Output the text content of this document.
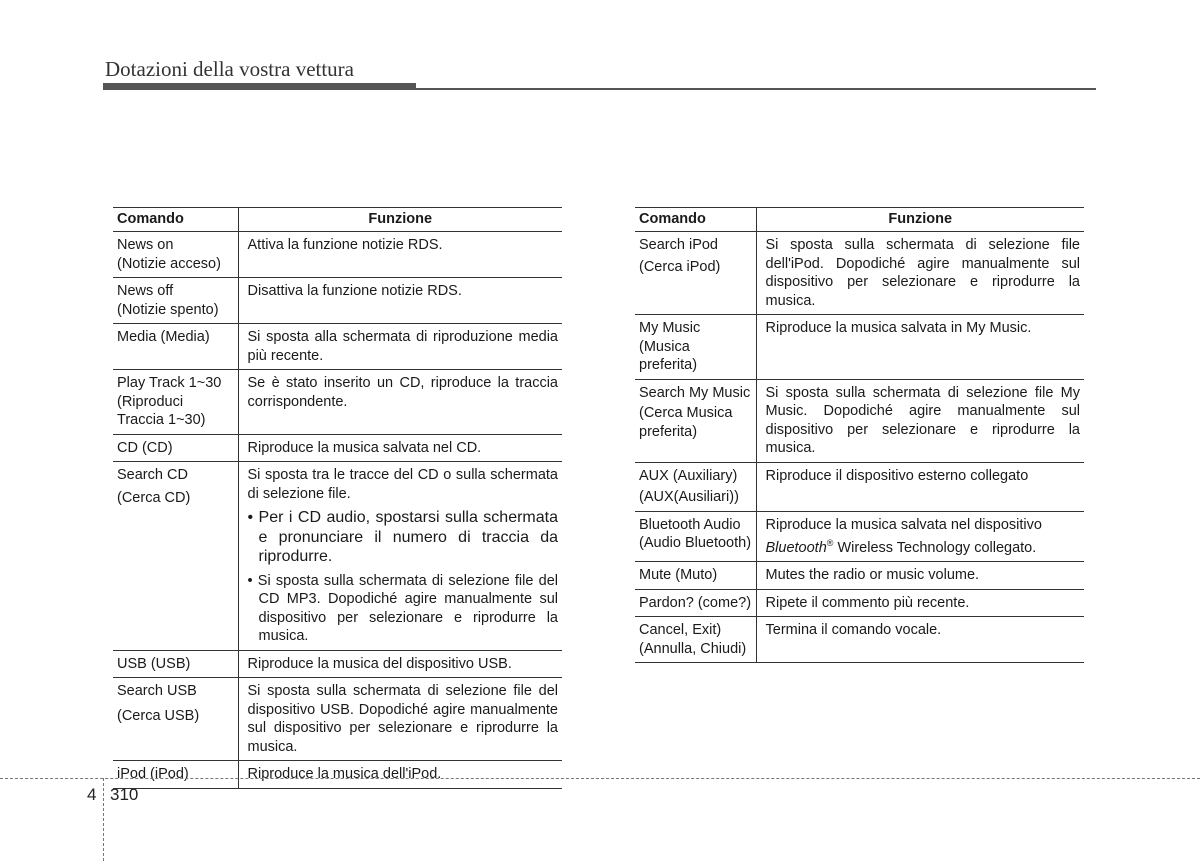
Dotazioni della vostra vettura
Comando	Funzione
News on
(Notizie acceso)	Attiva la funzione notizie RDS.
News off
(Notizie spento)	Disattiva la funzione notizie RDS.
Media (Media)	Si sposta alla schermata di riproduzione media più recente.
Play Track 1~30
(Riproduci Traccia 1~30)	Se è stato inserito un CD, riproduce la traccia corrispondente.
CD (CD)	Riproduce la musica salvata nel CD.
Search CD
(Cerca CD)	Si sposta tra le tracce del CD o sulla schermata di selezione file.
• Per i CD audio, spostarsi sulla schermata e pronunciare il numero di traccia da riprodurre.
• Si sposta sulla schermata di selezione file del CD MP3. Dopodiché agire manualmente sul dispositivo per selezionare e riprodurre la musica.

USB (USB)	Riproduce la musica del dispositivo USB.
Search USB
(Cerca USB)	Si sposta sulla schermata di selezione file del dispositivo USB. Dopodiché agire manualmente sul dispositivo per selezionare e riprodurre la musica.
iPod (iPod)	Riproduce la musica dell'iPod.
Comando	Funzione
Search iPod
(Cerca iPod)	Si sposta sulla schermata di selezione file dell'iPod. Dopodiché agire manualmente sul dispositivo per selezionare e riprodurre la musica.
My Music
(Musica preferita)	Riproduce la musica salvata in My Music.
Search My Music
(Cerca Musica preferita)	Si sposta sulla schermata di selezione file My Music. Dopodiché agire manualmente sul dispositivo per selezionare e riprodurre la musica.
AUX (Auxiliary)
(AUX(Ausiliari))	Riproduce il dispositivo esterno collegato
Bluetooth Audio
(Audio Bluetooth)	Riproduce la musica salvata nel dispositivo
Bluetooth® Wireless Technology collegato.
Mute (Muto)	Mutes the radio or music volume.
Pardon? (come?)	Ripete il commento più recente.
Cancel, Exit)
(Annulla, Chiudi)	Termina il comando vocale.
4 310
